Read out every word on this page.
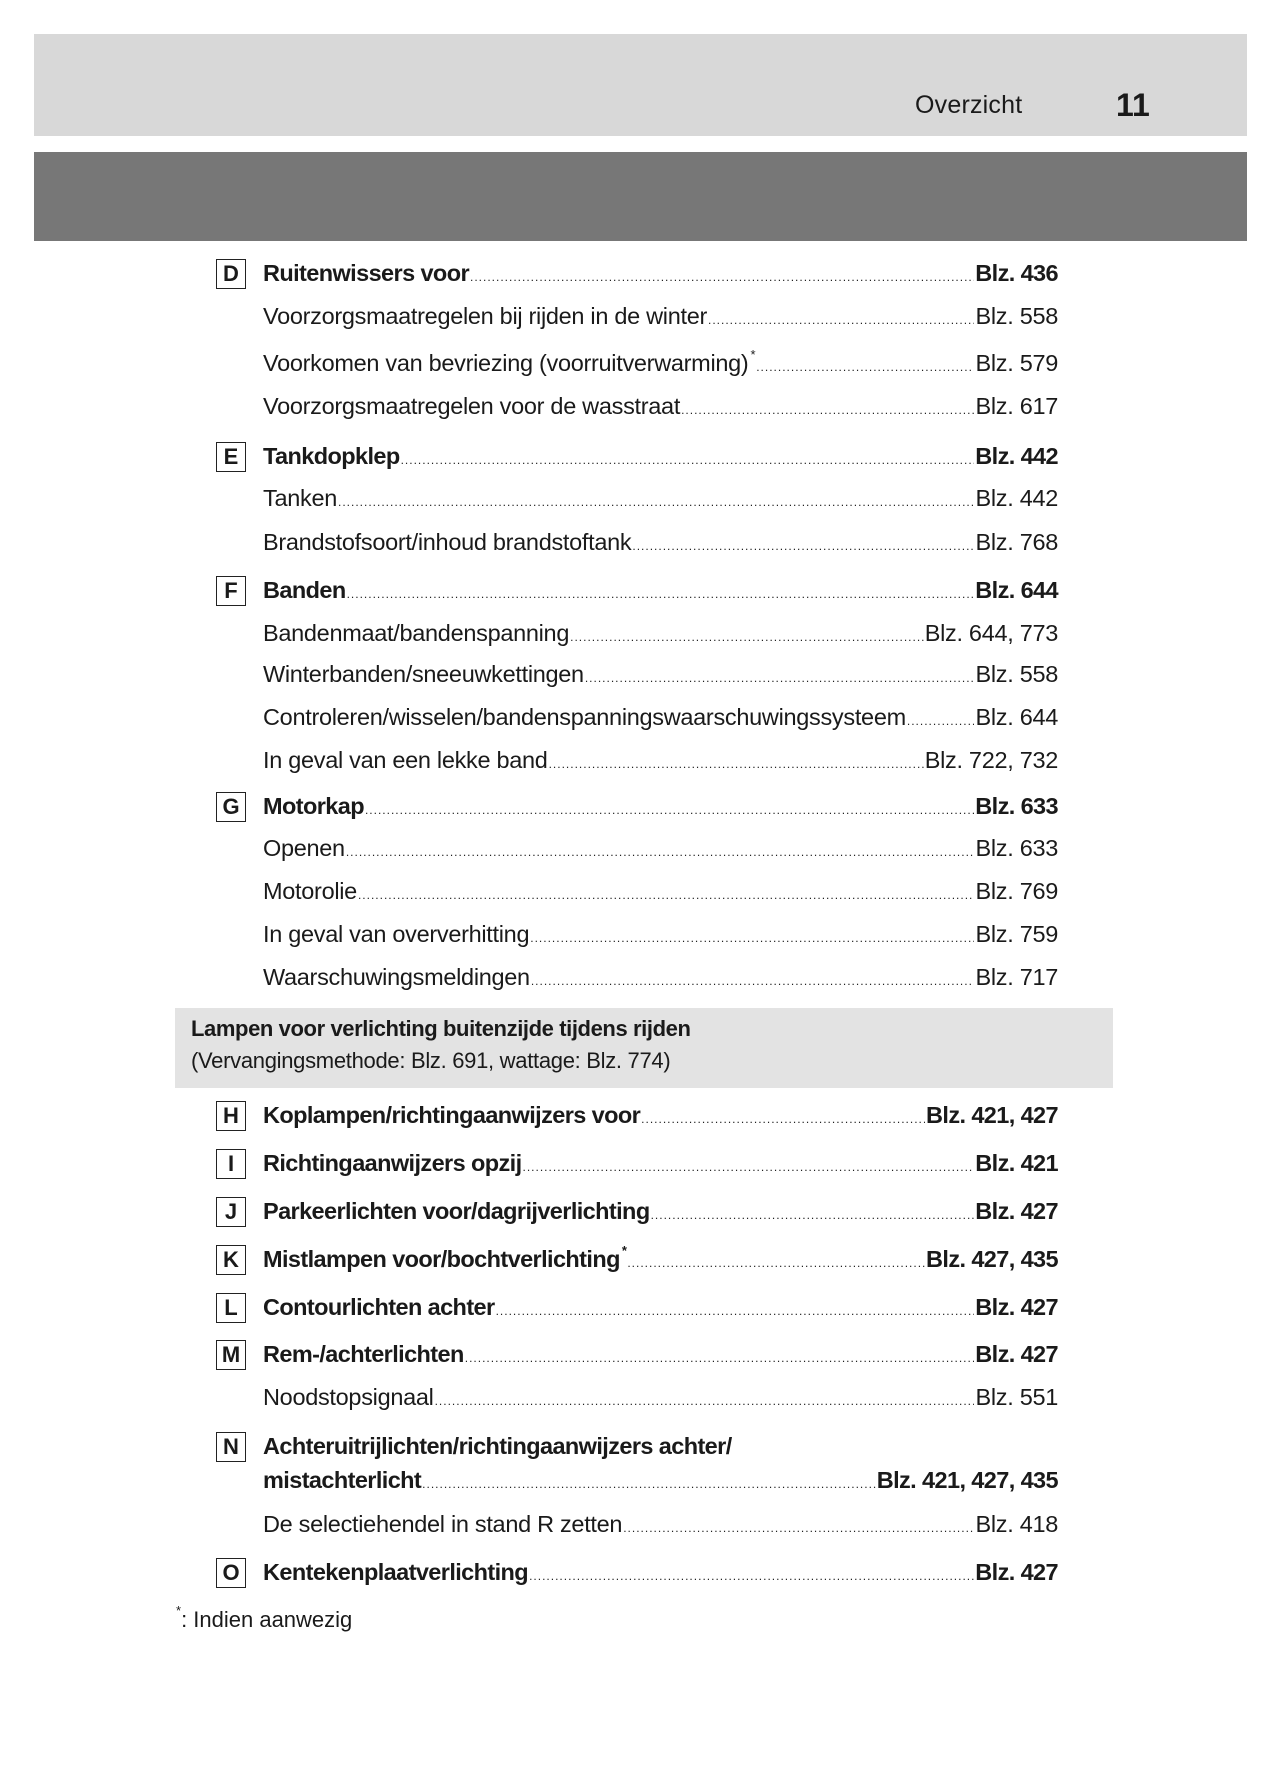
Overzicht	11
D	Ruitenwissers voor .....	Blz. 436
Voorzorgsmaatregelen bij rijden in de winter .....	Blz. 558
Voorkomen van bevriezing (voorruitverwarming) * .....	Blz. 579
Voorzorgsmaatregelen voor de wasstraat .....	Blz. 617
E	Tankdopklep .....	Blz. 442
Tanken .....	Blz. 442
Brandstofsoort/inhoud brandstoftank .....	Blz. 768
F	Banden .....	Blz. 644
Bandenmaat/bandenspanning .....	Blz. 644, 773
Winterbanden/sneeuwkettingen .....	Blz. 558
Controleren/wisselen/bandenspanningswaarschuwingssysteem .....	Blz. 644
In geval van een lekke band .....	Blz. 722, 732
G Motorkap .....	Blz. 633
Openen .....	Blz. 633
Motorolie .....	Blz. 769
In geval van oververhitting .....	Blz. 759
Waarschuwingsmeldingen .....	Blz. 717
Lampen voor verlichting buitenzijde tijdens rijden
(Vervangingsmethode: Blz. 691, wattage: Blz. 774)
H	Koplampen/richtingaanwijzers voor .....	Blz. 421, 427
I	Richtingaanwijzers opzij .....	Blz. 421
J	Parkeerlichten voor/dagrijverlichting .....	Blz. 427
K	Mistlampen voor/bochtverlichting * .....	Blz. 427, 435
L	Contourlichten achter .....	Blz. 427
M Rem-/achterlichten .....	Blz. 427
Noodstopsignaal .....	Blz. 551
N	Achteruitrijlichten/richtingaanwijzers achter/
mistachterlicht .....	Blz. 421, 427, 435
De selectiehendel in stand R zetten .....	Blz. 418
O Kentekenplaatverlichting .....	Blz. 427
*: Indien aanwezig
